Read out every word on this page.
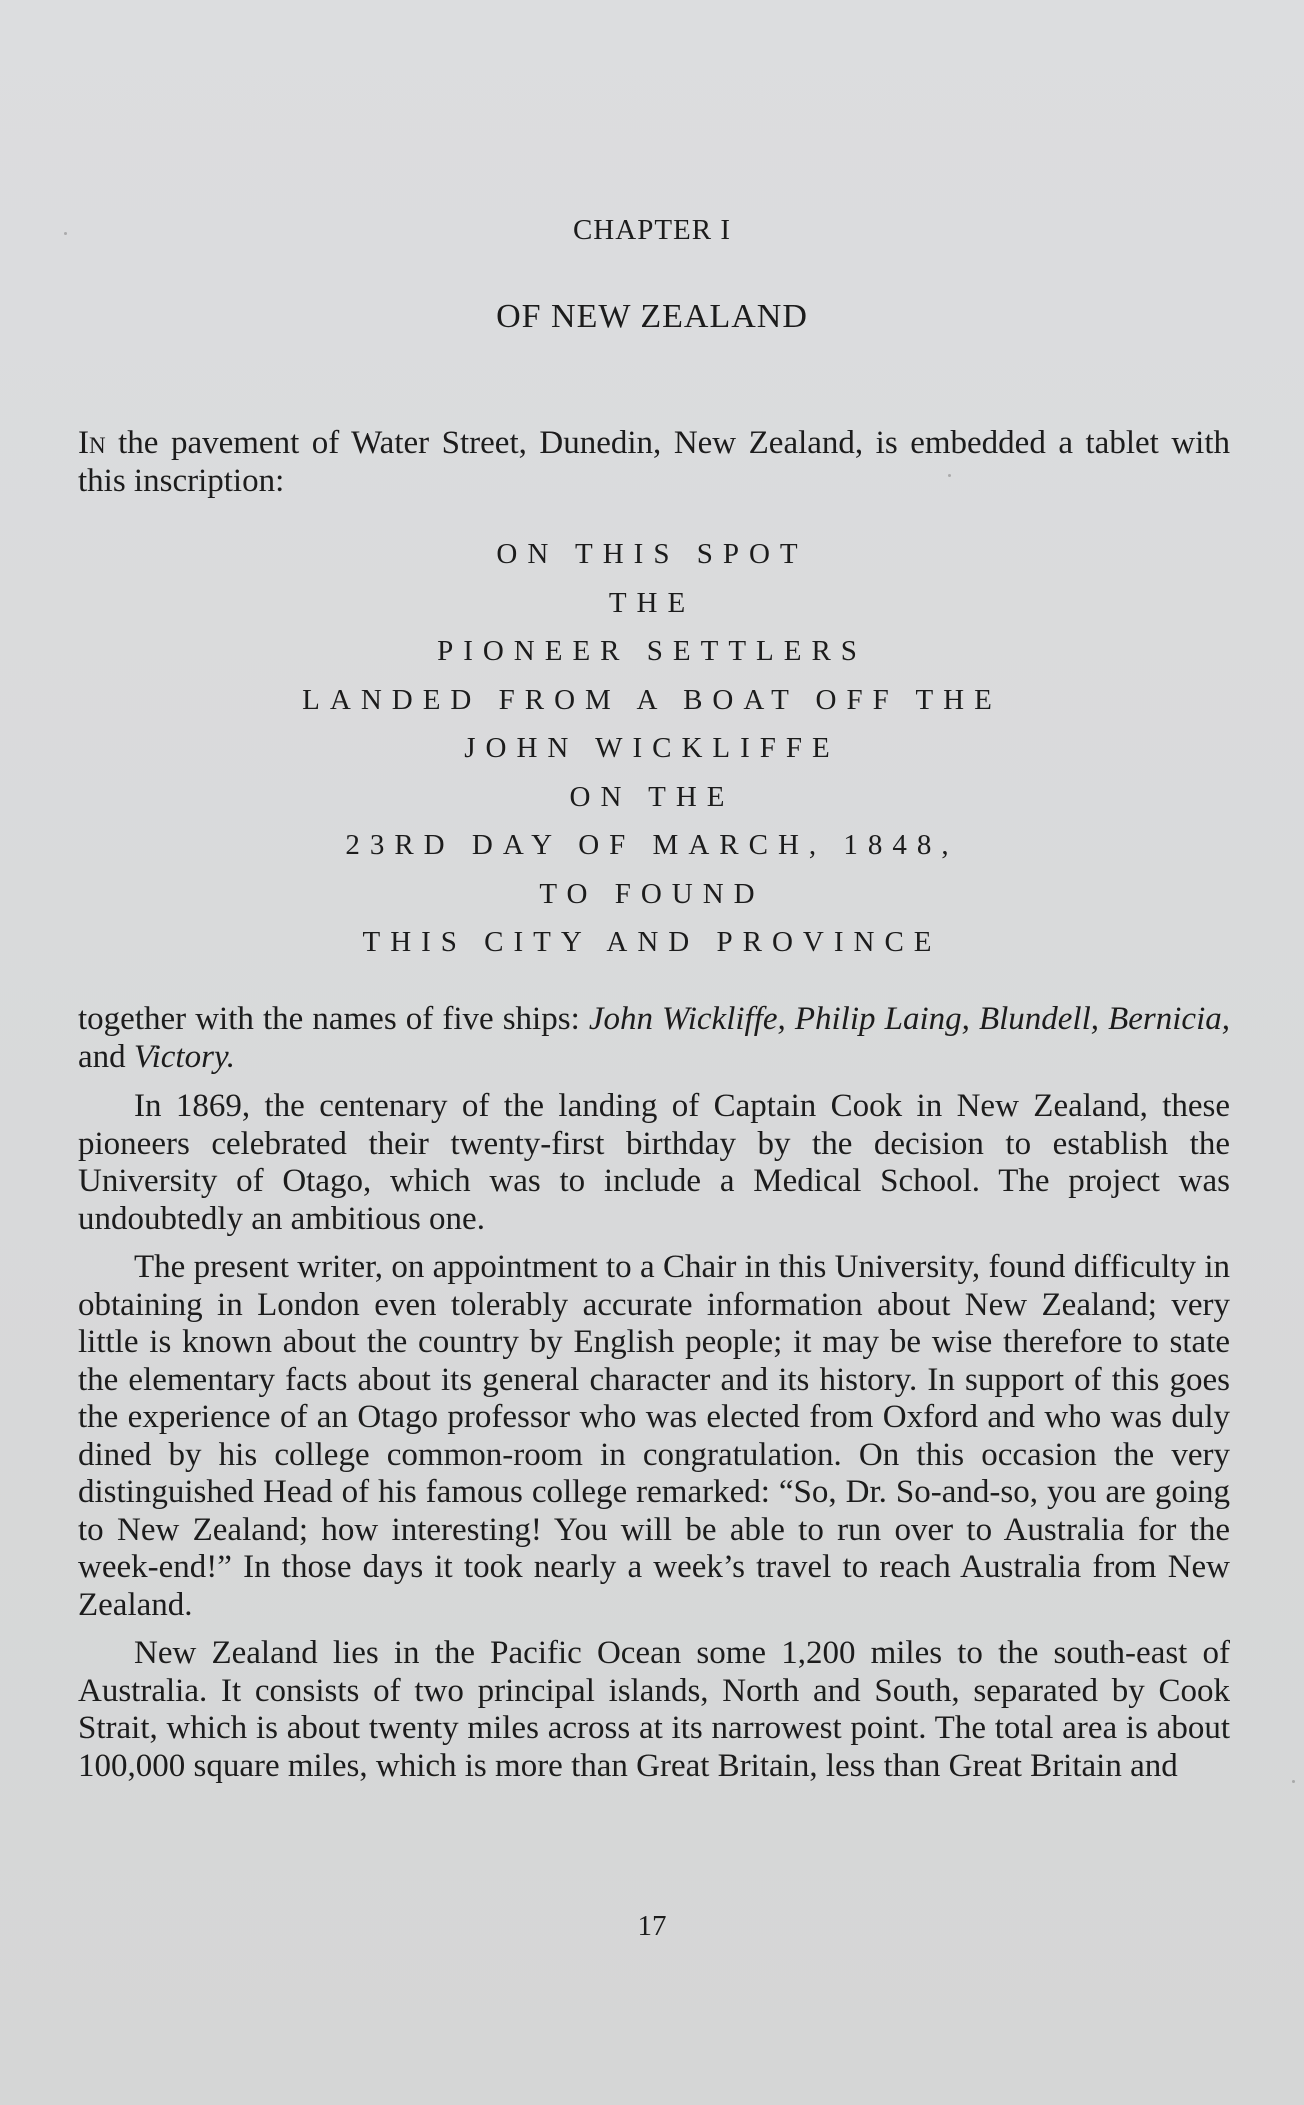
CHAPTER I
OF NEW ZEALAND

In the pavement of Water Street, Dunedin, New Zealand, is embedded a tablet with this inscription:

ON THIS SPOT
THE
PIONEER SETTLERS
LANDED FROM A BOAT OFF THE
JOHN WICKLIFFE
ON THE
23RD DAY OF MARCH, 1848,
TO FOUND
THIS CITY AND PROVINCE

together with the names of five ships: John Wickliffe, Philip Laing, Blundell, Bernicia, and Victory.

In 1869, the centenary of the landing of Captain Cook in New Zealand, these pioneers celebrated their twenty-first birthday by the decision to establish the University of Otago, which was to include a Medical School. The project was undoubtedly an ambitious one.

The present writer, on appointment to a Chair in this University, found difficulty in obtaining in London even tolerably accurate information about New Zealand; very little is known about the country by English people; it may be wise therefore to state the elementary facts about its general character and its history. In support of this goes the experience of an Otago professor who was elected from Oxford and who was duly dined by his college common-room in congratulation. On this occasion the very distinguished Head of his famous college remarked: “So, Dr. So-and-so, you are going to New Zealand; how interesting! You will be able to run over to Australia for the week-end!” In those days it took nearly a week’s travel to reach Australia from New Zealand.

New Zealand lies in the Pacific Ocean some 1,200 miles to the south-east of Australia. It consists of two principal islands, North and South, separated by Cook Strait, which is about twenty miles across at its narrowest point. The total area is about 100,000 square miles, which is more than Great Britain, less than Great Britain and

17
